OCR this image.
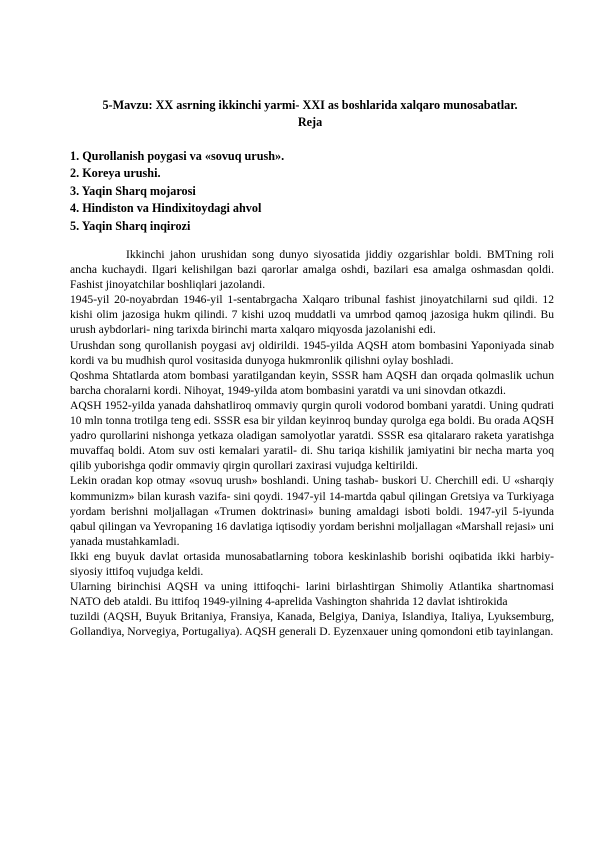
5-Mavzu: XX asrning ikkinchi yarmi- XXI as boshlarida xalqaro munosabatlar.
Reja
1. Qurollanish poygasi va «sovuq urush».
2. Koreya urushi.
3. Yaqin Sharq mojarosi
4. Hindiston va Hindixitoydagi ahvol
5. Yaqin Sharq inqirozi

Ikkinchi jahon urushidan song dunyo siyosatida jiddiy ozgarishlar boldi. BMTning roli ancha kuchaydi. Ilgari kelishilgan bazi qarorlar amalga oshdi, bazilari esa amalga oshmasdan qoldi. Fashist jinoyatchilar boshliqlari jazolandi.

1945-yil 20-noyabrdan 1946-yil 1-sentabrgacha Xalqaro tribunal fashist jinoyatchilarni sud qildi. 12 kishi olim jazosiga hukm qilindi. 7 kishi uzoq muddatli va umrbod qamoq jazosiga hukm qilindi. Bu urush aybdorlari- ning tarixda birinchi marta xalqaro miqyosda jazolanishi edi.

Urushdan song qurollanish poygasi avj oldirildi. 1945-yilda AQSH atom bombasini Yaponiyada sinab kordi va bu mudhish qurol vositasida dunyoga hukmronlik qilishni oylay boshladi.

Qoshma Shtatlarda atom bombasi yaratilgandan keyin, SSSR ham AQSH dan orqada qolmaslik uchun barcha choralarni kordi. Nihoyat, 1949-yilda atom bombasini yaratdi va uni sinovdan otkazdi.

AQSH 1952-yilda yanada dahshatliroq ommaviy qurgin quroli vodorod bombani yaratdi. Uning qudrati 10 mln tonna trotilga teng edi. SSSR esa bir yildan keyinroq bunday qurolga ega boldi. Bu orada AQSH yadro qurollarini nishonga yetkaza oladigan samolyotlar yaratdi. SSSR esa qitalararo raketa yaratishga muvaffaq boldi. Atom suv osti kemalari yaratil- di. Shu tariqa kishilik jamiyatini bir necha marta yoq qilib yuborishga qodir ommaviy qirgin qurollari zaxirasi vujudga keltirildi.

Lekin oradan kop otmay «sovuq urush» boshlandi. Uning tashab- buskori U. Cherchill edi. U «sharqiy kommunizm» bilan kurash vazifa- sini qoydi. 1947-yil 14-martda qabul qilingan Gretsiya va Turkiyaga yordam berishni moljallagan «Trumen doktrinasi» buning amaldagi isboti boldi. 1947-yil 5-iyunda qabul qilingan va Yevropaning 16 davlatiga iqtisodiy yordam berishni moljallagan «Marshall rejasi» uni yanada mustahkamladi.

Ikki eng buyuk davlat ortasida munosabatlarning tobora keskinlashib borishi oqibatida ikki harbiy- siyosiy ittifoq vujudga keldi.

Ularning birinchisi AQSH va uning ittifoqchi- larini birlashtirgan Shimoliy Atlantika shartnomasi NATO deb ataldi. Bu ittifoq 1949-yilning 4-aprelida Vashington shahrida 12 davlat ishtirokida

tuzildi (AQSH, Buyuk Britaniya, Fransiya, Kanada, Belgiya, Daniya, Islandiya, Italiya, Lyuksemburg, Gollandiya, Norvegiya, Portugaliya). AQSH generali D. Eyzenxauer uning qomondoni etib tayinlangan.
